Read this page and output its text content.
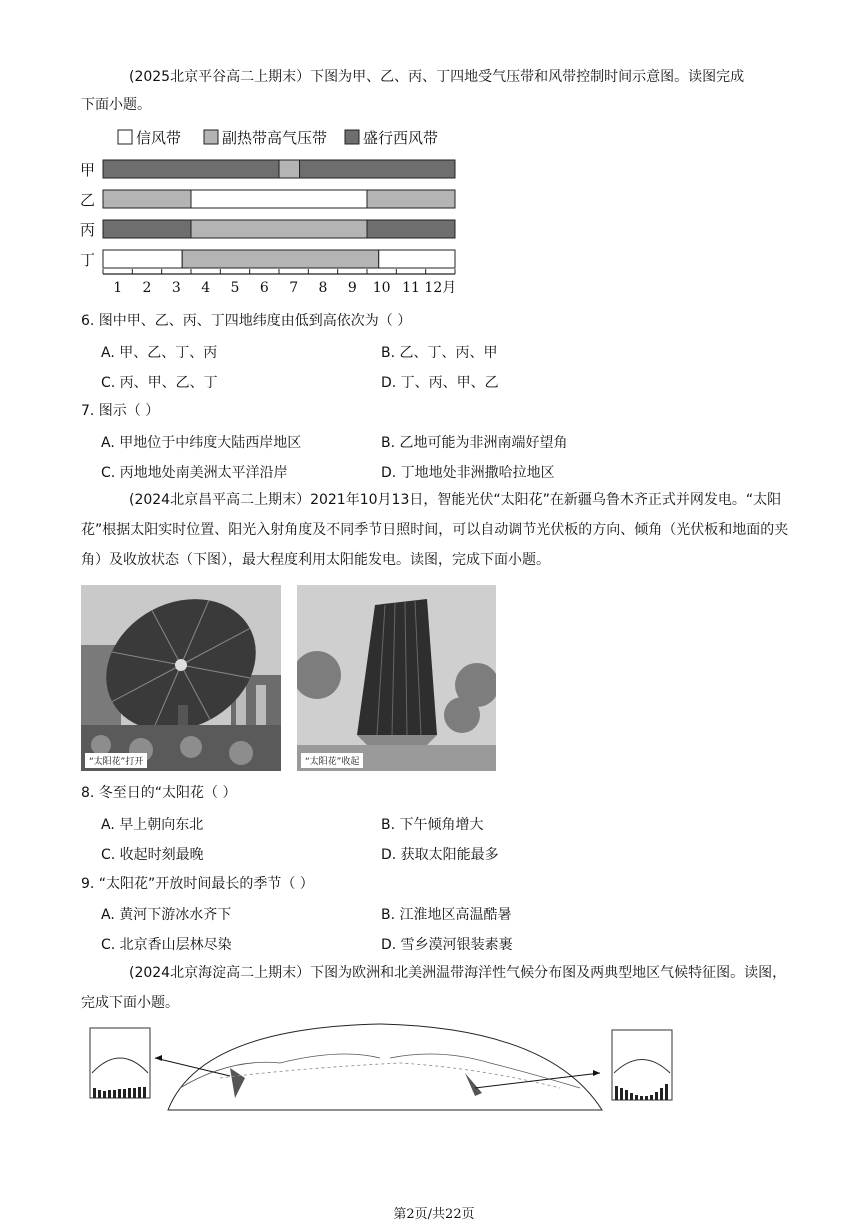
(2025北京平谷高二上期末）下图为甲、乙、丙、丁四地受气压带和风带控制时间示意图。读图完成
下面小题。
信风带	副热带高气压带 盛行西风带
甲
乙
丙
丁
1 2 3 4 5 6 7 8 9 10 11 12月
6. 图中甲、乙、丙、丁四地纬度由低到高依次为（ ）
A. 甲、乙、丁、丙	B. 乙、丁、丙、甲
C. 丙、甲、乙、丁	D. 丁、丙、甲、乙
7. 图示（ ）
A. 甲地位于中纬度大陆西岸地区	B. 乙地可能为非洲南端好望角
C. 丙地地处南美洲太平洋沿岸	D. 丁地地处非洲撒哈拉地区
(2024北京昌平高二上期末）2021年10月13日，智能光伏“太阳花”在新疆乌鲁木齐正式并网发电。“太阳花”根据太阳实时位置、阳光入射角度及不同季节日照时间，可以自动调节光伏板的方向、倾角（光伏板和地面的夹角）及收放状态（下图），最大程度利用太阳能发电。读图，完成下面小题。
“太阳花”打开	“太阳花”收起
8. 冬至日的“太阳花（ ）
A. 早上朝向东北	B. 下午倾角增大
C. 收起时刻最晚	D. 获取太阳能最多
9. “太阳花”开放时间最长的季节（ ）
A. 黄河下游冰水齐下	B. 江淮地区高温酷暑
C. 北京香山层林尽染	D. 雪乡漠河银装素裹
(2024北京海淀高二上期末）下图为欧洲和北美洲温带海洋性气候分布图及两典型地区气候特征图。读图，完成下面小题。
第2页/共22页
